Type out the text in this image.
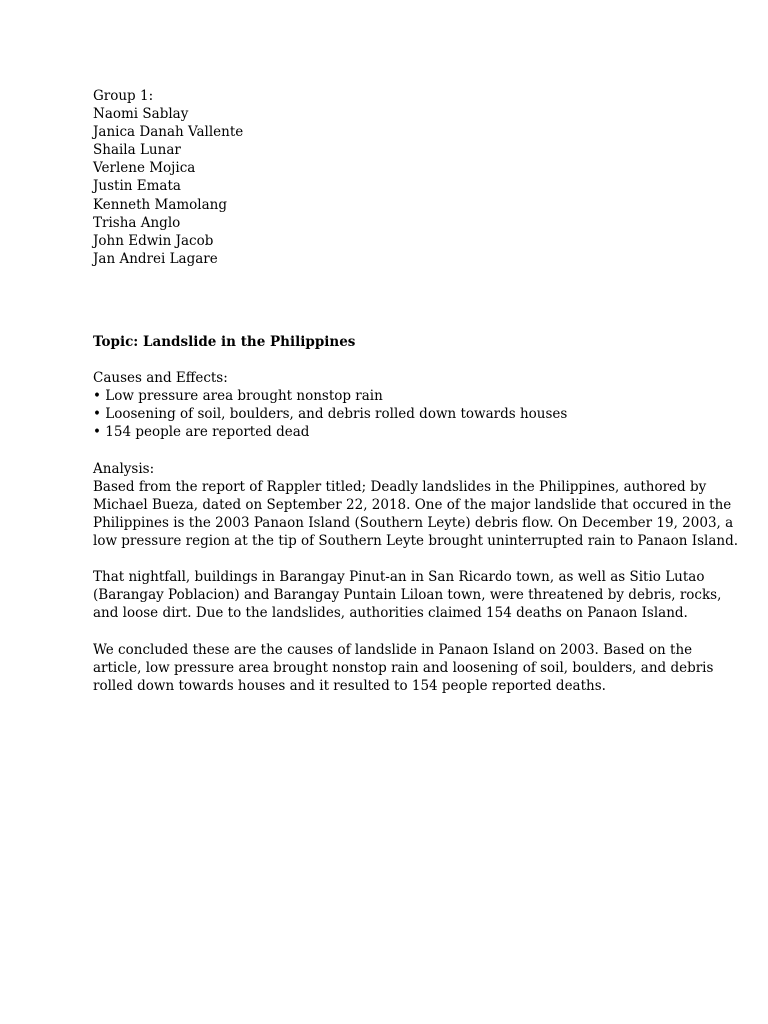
Group 1:
Naomi Sablay
Janica Danah Vallente
Shaila Lunar
Verlene Mojica
Justin Emata
Kenneth Mamolang
Trisha Anglo
John Edwin Jacob
Jan Andrei Lagare
Topic: Landslide in the Philippines
Causes and Effects:
• Low pressure area brought nonstop rain
• Loosening of soil, boulders, and debris rolled down towards houses
• 154 people are reported dead
Analysis:
Based from the report of Rappler titled; Deadly landslides in the Philippines, authored by
Michael Bueza, dated on September 22, 2018. One of the major landslide that occured in the
Philippines is the 2003 Panaon Island (Southern Leyte) debris flow. On December 19, 2003, a
low pressure region at the tip of Southern Leyte brought uninterrupted rain to Panaon Island.
That nightfall, buildings in Barangay Pinut-an in San Ricardo town, as well as Sitio Lutao
(Barangay Poblacion) and Barangay Puntain Liloan town, were threatened by debris, rocks,
and loose dirt. Due to the landslides, authorities claimed 154 deaths on Panaon Island.
We concluded these are the causes of landslide in Panaon Island on 2003. Based on the
article, low pressure area brought nonstop rain and loosening of soil, boulders, and debris
rolled down towards houses and it resulted to 154 people reported deaths.
